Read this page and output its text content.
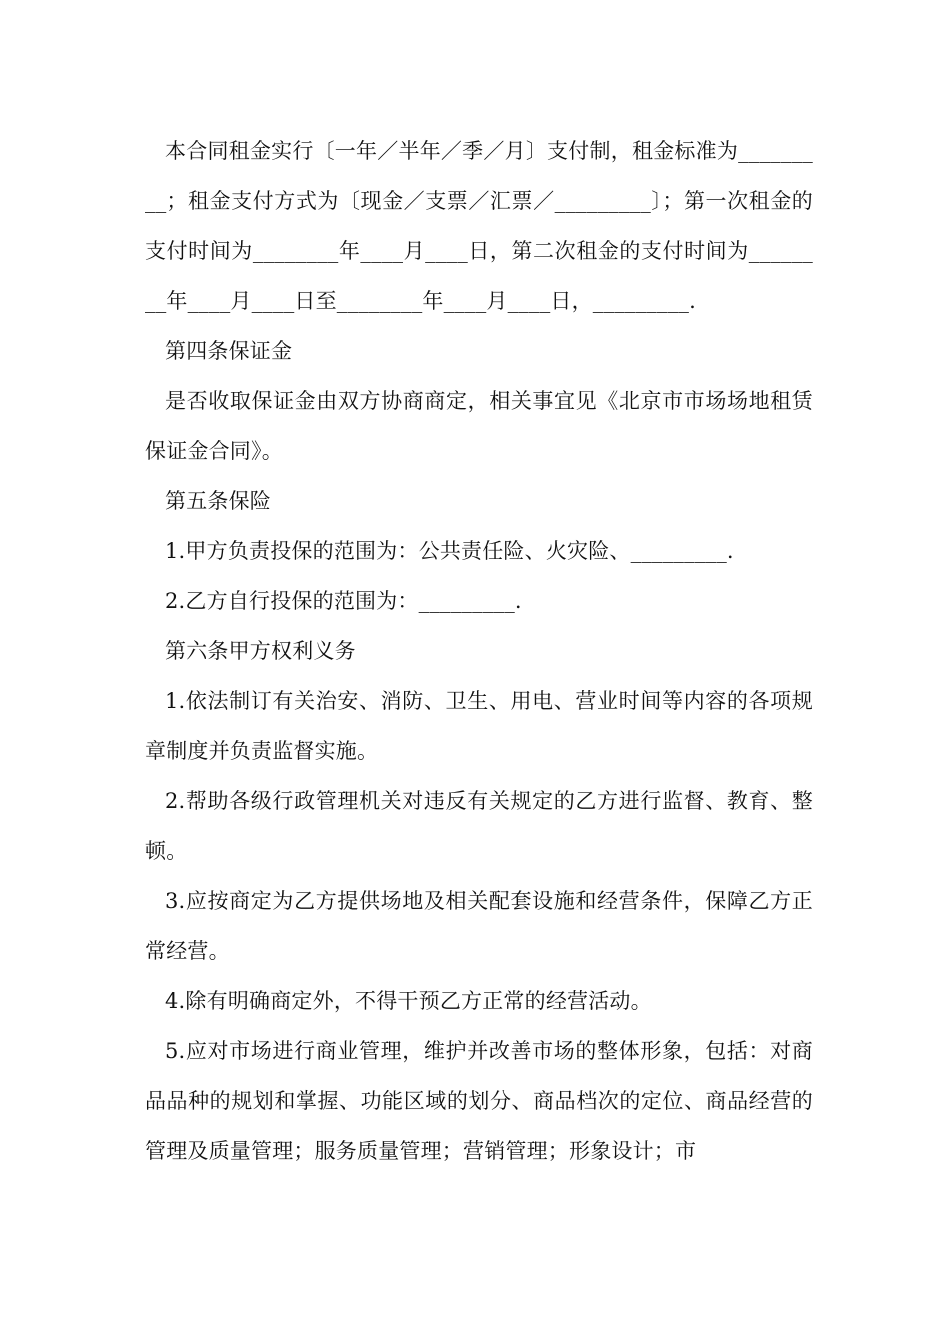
本合同租金实行〔一年／半年／季／月〕支付制，租金标准为_________；租金支付方式为〔现金／支票／汇票／_________〕；第一次租金的支付时间为________年____月____日，第二次租金的支付时间为________年____月____日至________年____月____日，_________.

第四条保证金

是否收取保证金由双方协商商定，相关事宜见《北京市市场场地租赁保证金合同》。

第五条保险

1.甲方负责投保的范围为：公共责任险、火灾险、_________.

2.乙方自行投保的范围为：_________.

第六条甲方权利义务

1.依法制订有关治安、消防、卫生、用电、营业时间等内容的各项规章制度并负责监督实施。

2.帮助各级行政管理机关对违反有关规定的乙方进行监督、教育、整顿。

3.应按商定为乙方提供场地及相关配套设施和经营条件，保障乙方正常经营。

4.除有明确商定外，不得干预乙方正常的经营活动。

5.应对市场进行商业管理，维护并改善市场的整体形象，包括：对商品品种的规划和掌握、功能区域的划分、商品档次的定位、商品经营的管理及质量管理；服务质量管理；营销管理；形象设计；市
